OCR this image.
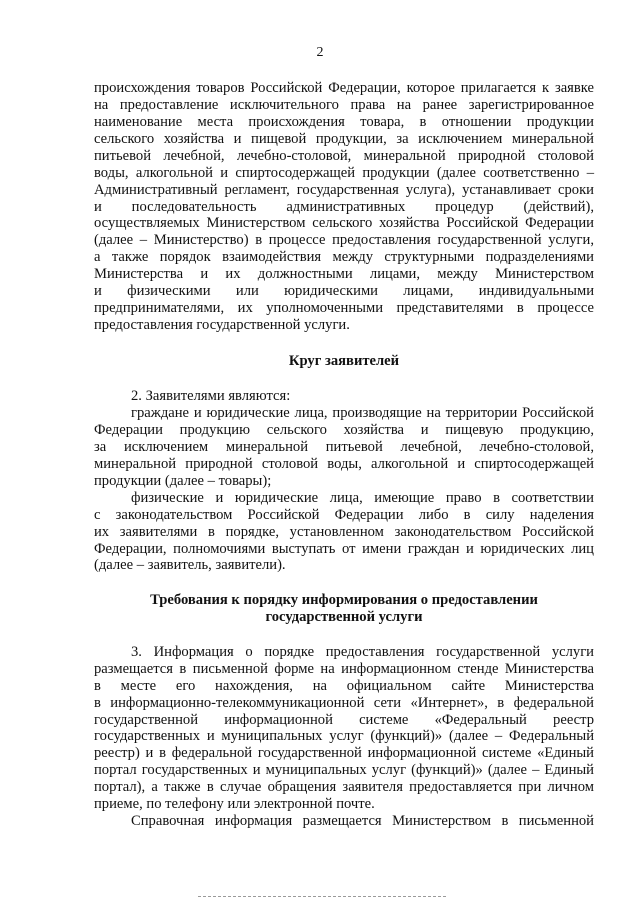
2
происхождения товаров Российской Федерации, которое прилагается к заявке
на предоставление исключительного права на ранее зарегистрированное
наименование места происхождения товара, в отношении продукции
сельского хозяйства и пищевой продукции, за исключением минеральной
питьевой лечебной, лечебно-столовой, минеральной природной столовой
воды, алкогольной и спиртосодержащей продукции (далее соответственно –
Административный регламент, государственная услуга), устанавливает сроки
и последовательность административных процедур (действий),
осуществляемых Министерством сельского хозяйства Российской Федерации
(далее – Министерство) в процессе предоставления государственной услуги,
а также порядок взаимодействия между структурными подразделениями
Министерства и их должностными лицами, между Министерством
и физическими или юридическими лицами, индивидуальными
предпринимателями, их уполномоченными представителями в процессе
предоставления государственной услуги.
Круг заявителей
2. Заявителями являются:
граждане и юридические лица, производящие на территории Российской
Федерации продукцию сельского хозяйства и пищевую продукцию,
за исключением минеральной питьевой лечебной, лечебно-столовой,
минеральной природной столовой воды, алкогольной и спиртосодержащей
продукции (далее – товары);
физические и юридические лица, имеющие право в соответствии
с законодательством Российской Федерации либо в силу наделения
их заявителями в порядке, установленном законодательством Российской
Федерации, полномочиями выступать от имени граждан и юридических лиц
(далее – заявитель, заявители).
Требования к порядку информирования о предоставлении
государственной услуги
3. Информация о порядке предоставления государственной услуги
размещается в письменной форме на информационном стенде Министерства
в месте его нахождения, на официальном сайте Министерства
в информационно-телекоммуникационной сети «Интернет», в федеральной
государственной информационной системе «Федеральный реестр
государственных и муниципальных услуг (функций)» (далее – Федеральный
реестр) и в федеральной государственной информационной системе «Единый
портал государственных и муниципальных услуг (функций)» (далее – Единый
портал), а также в случае обращения заявителя предоставляется при личном
приеме, по телефону или электронной почте.
Справочная информация размещается Министерством в письменной
